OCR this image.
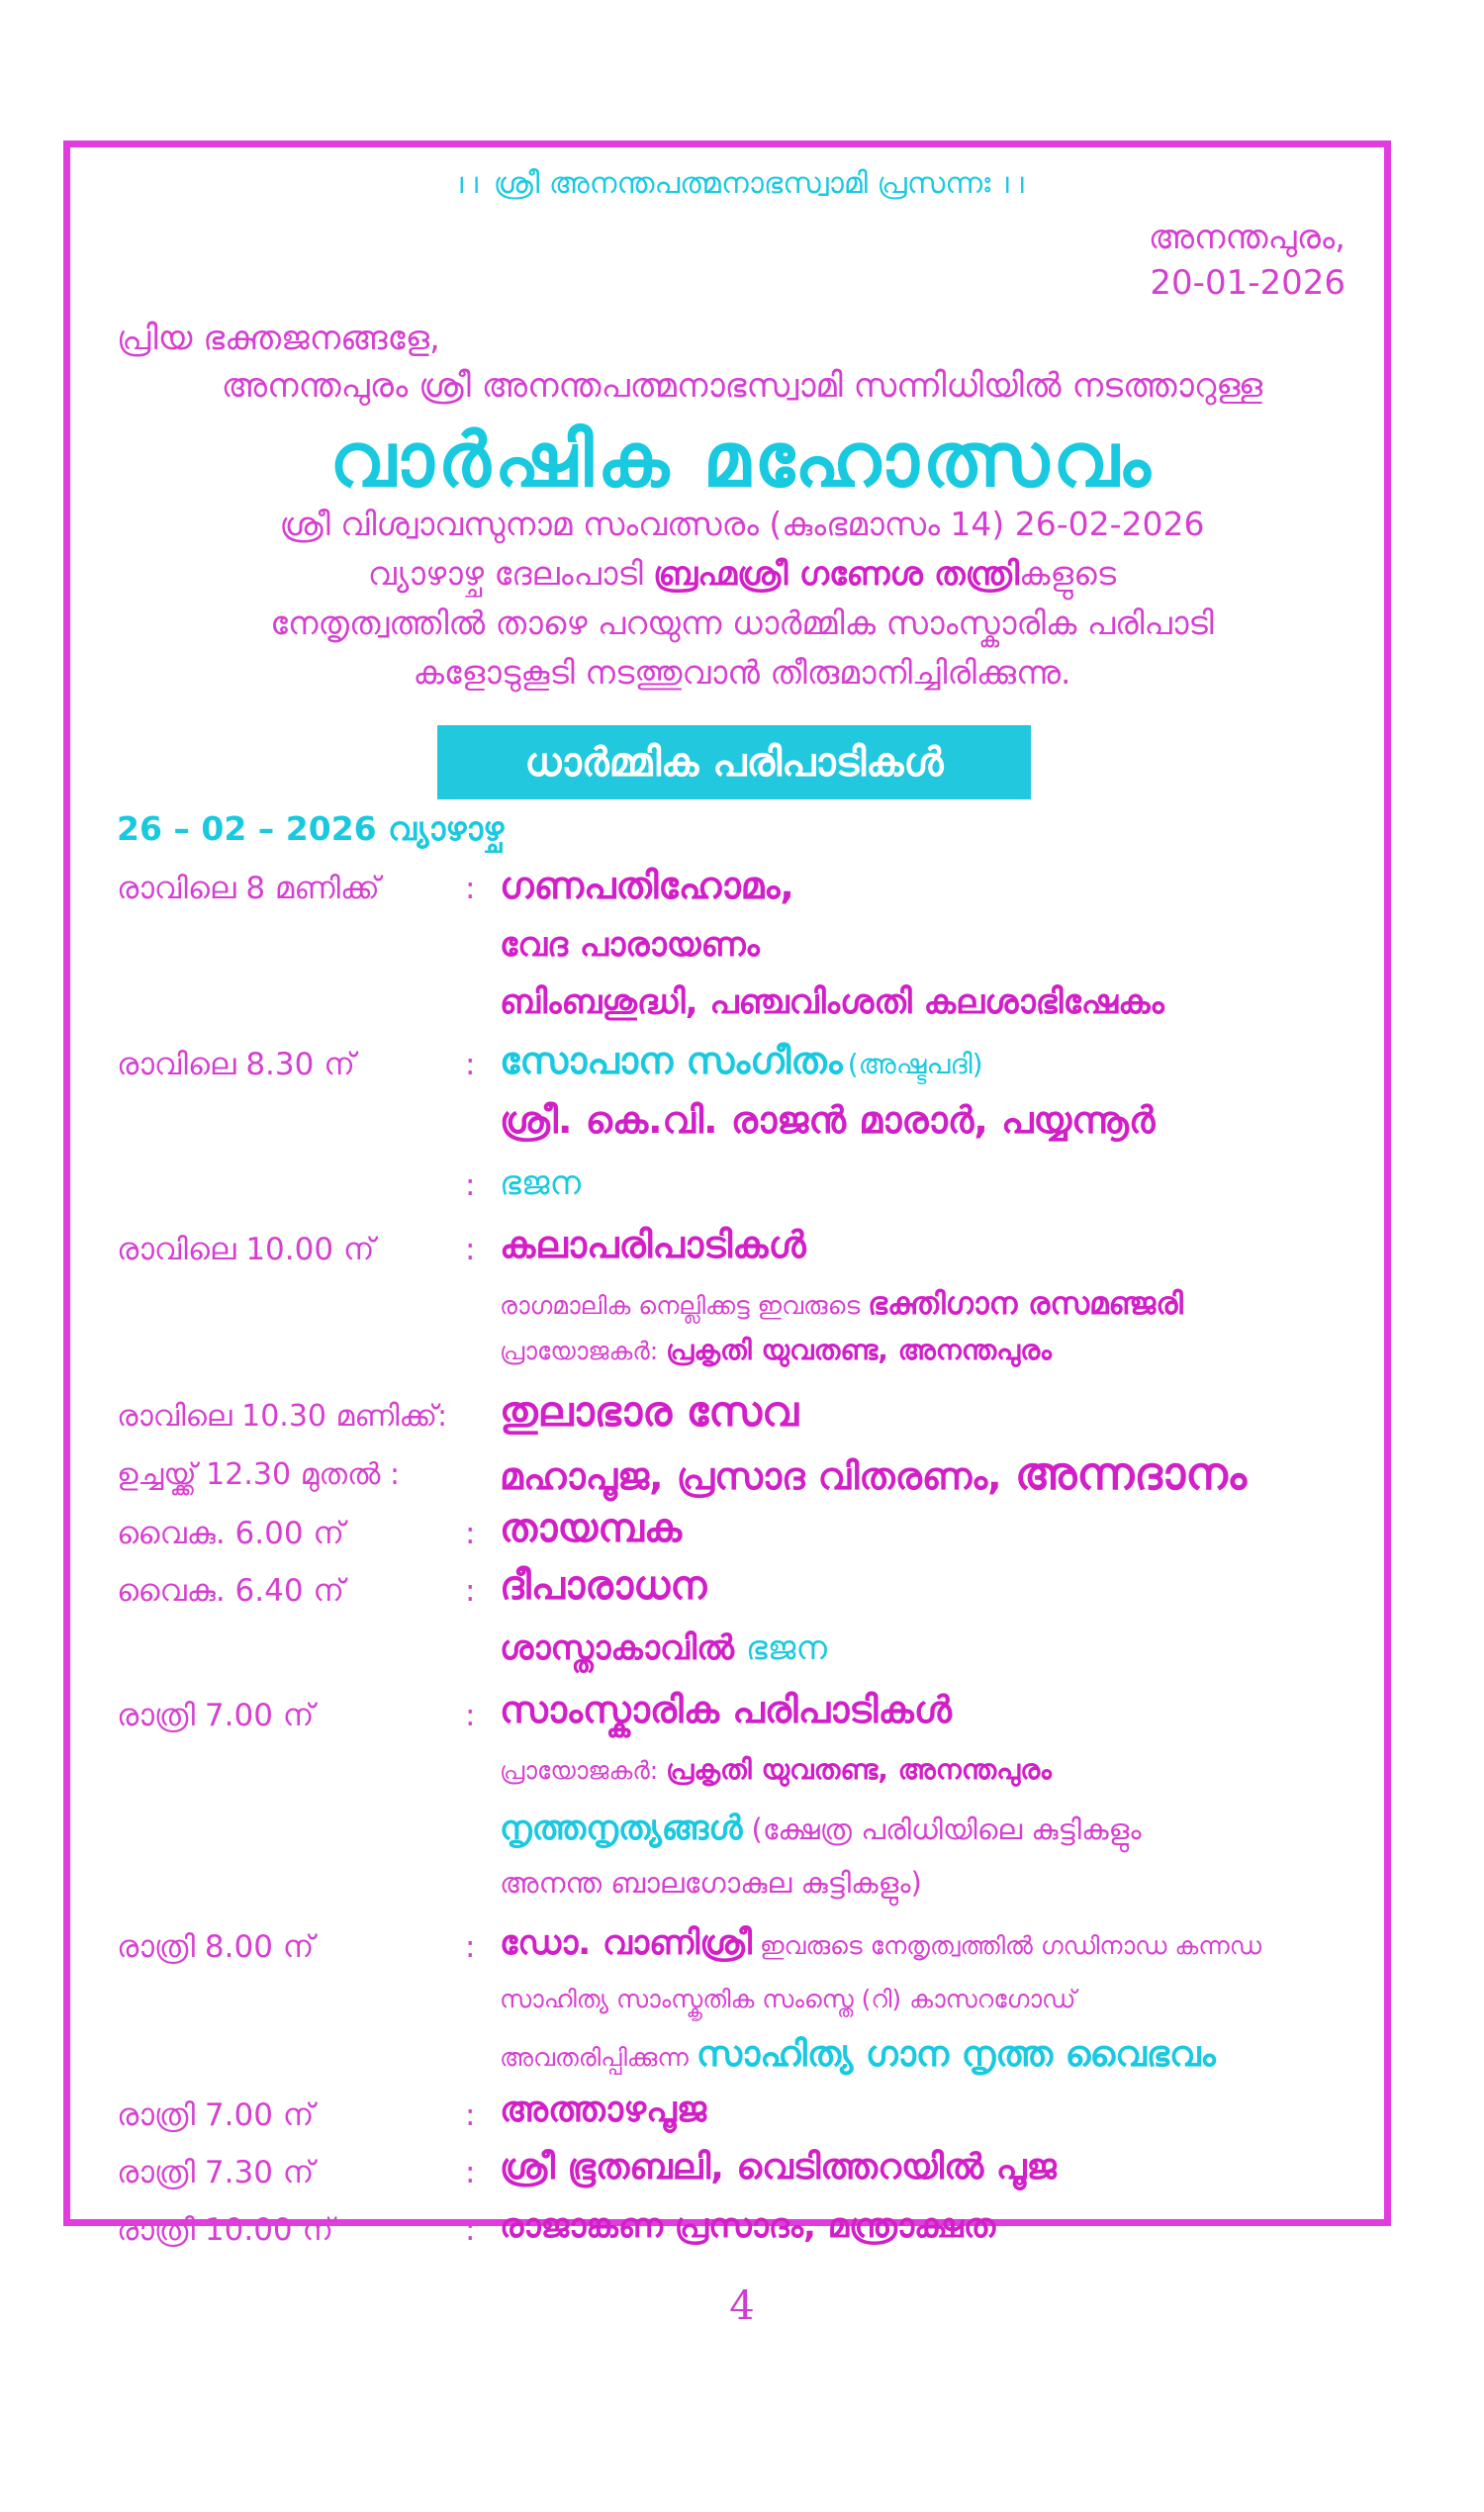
।। ശ്രീ അനന്തപത്മനാഭസ്വാമി പ്രസന്നഃ ।।
അനന്തപുരം,
20-01-2026
പ്രിയ ഭക്തജനങ്ങളേ,
അനന്തപുരം ശ്രീ അനന്തപത്മനാഭസ്വാമി സന്നിധിയിൽ നടത്താറുള്ള
വാർഷിക മഹോത്സവം
ശ്രീ വിശ്വാവസുനാമ സംവത്സരം (കുംഭമാസം 14) 26-02-2026
വ്യാഴാഴ്ച ദേലംപാടി ബ്രഹ്മശ്രീ ഗണേശ തന്ത്രികളുടെ
നേതൃത്വത്തിൽ താഴെ പറയുന്ന ധാർമ്മിക സാംസ്കാരിക പരിപാടി
കളോടുകൂടി നടത്തുവാൻ തീരുമാനിച്ചിരിക്കുന്നു.
ധാർമ്മിക പരിപാടികൾ
26 – 02 – 2026 വ്യാഴാഴ്ച
രാവിലെ 8 മണിക്ക്	: ഗണപതിഹോമം,
വേദ പാരായണം
ബിംബശുദ്ധി, പഞ്ചവിംശതി കലശാഭിഷേകം
രാവിലെ 8.30 ന്	: സോപാന സംഗീതം (അഷ്ടപദി)
ശ്രീ. കെ.വി. രാജൻ മാരാർ, പയ്യന്നൂർ
: ഭജന
രാവിലെ 10.00 ന്	: കലാപരിപാടികൾ
രാഗമാലിക നെല്ലിക്കട്ട ഇവരുടെ ഭക്തിഗാന രസമഞ്ജരി
പ്രായോജകർ: പ്രകൃതി യുവതണ്ട, അനന്തപുരം
രാവിലെ 10.30 മണിക്ക്: തുലാഭാര സേവ
ഉച്ചയ്ക്ക് 12.30 മുതൽ :	മഹാപൂജ, പ്രസാദ വിതരണം, അന്നദാനം
വൈകു. 6.00 ന്	: തായമ്പക
വൈകു. 6.40 ന്	: ദീപാരാധന
ശാസ്താകാവിൽ ഭജന
രാത്രി 7.00 ന്	: സാംസ്കാരിക പരിപാടികൾ
പ്രായോജകർ: പ്രകൃതി യുവതണ്ട, അനന്തപുരം
നൃത്തനൃത്യങ്ങൾ (ക്ഷേത്ര പരിധിയിലെ കുട്ടികളും
അനന്ത ബാലഗോകുല കുട്ടികളും)
രാത്രി 8.00 ന്	: ഡോ. വാണിശ്രീ ഇവരുടെ നേതൃത്വത്തിൽ ഗഡിനാഡ കന്നഡ
സാഹിത്യ സാംസ്കൃതിക സംസ്തെ (റി) കാസറഗോഡ്
അവതരിപ്പിക്കുന്ന സാഹിത്യ ഗാന നൃത്ത വൈഭവം
രാത്രി 7.00 ന്	: അത്താഴപൂജ
രാത്രി 7.30 ന്	: ശ്രീ ഭൂതബലി, വെടിത്തറയിൽ പൂജ
രാത്രി 10.00 ന്	: രാജാങ്കണ പ്രസാദം, മന്ത്രാക്ഷത
4
